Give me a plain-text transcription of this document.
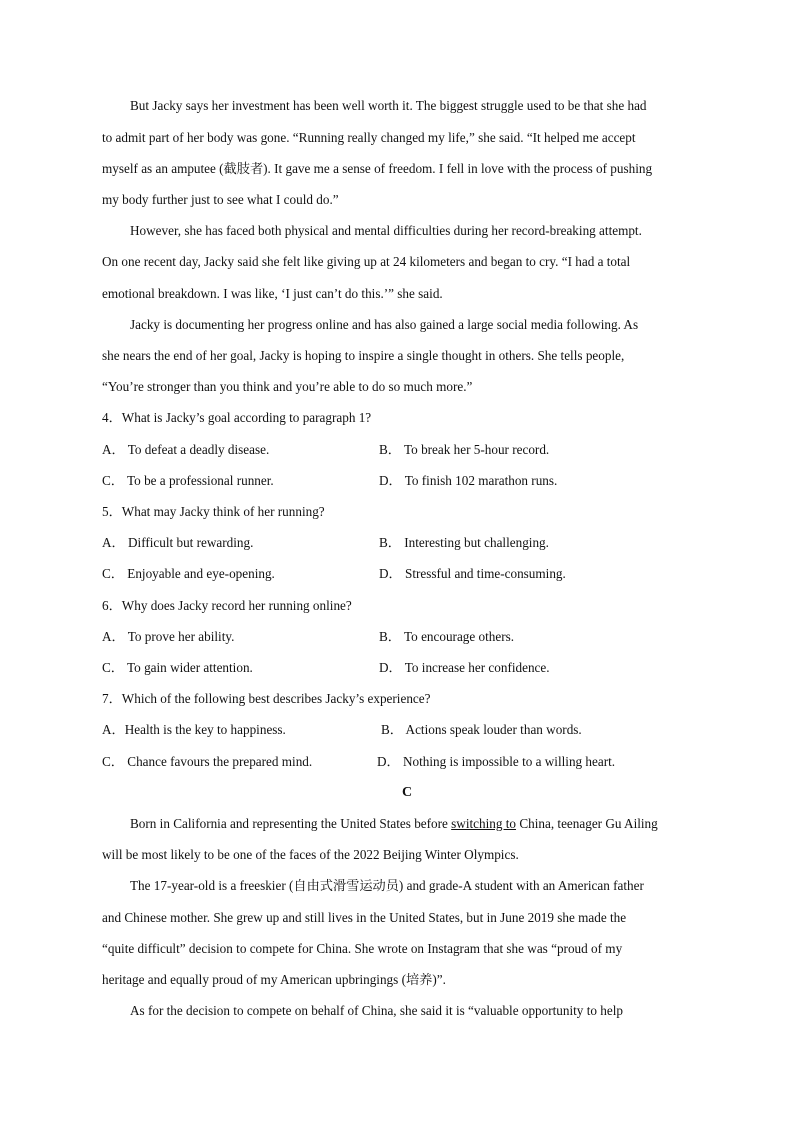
But Jacky says her investment has been well worth it. The biggest struggle used to be that she had
to admit part of her body was gone. “Running really changed my life,” she said. “It helped me accept
myself as an amputee (截肢者). It gave me a sense of freedom. I fell in love with the process of pushing
my body further just to see what I could do.”
However, she has faced both physical and mental difficulties during her record-breaking attempt.
On one recent day, Jacky said she felt like giving up at 24 kilometers and began to cry. “I had a total
emotional breakdown. I was like, ‘I just can’t do this.’” she said.
Jacky is documenting her progress online and has also gained a large social media following. As
she nears the end of her goal, Jacky is hoping to inspire a single thought in others. She tells people,
“You’re stronger than you think and you’re able to do so much more.”
4．What is Jacky’s goal according to paragraph 1?
A． To defeat a deadly disease.	B． To break her 5-hour record.
C． To be a professional runner.	D． To finish 102 marathon runs.
5．What may Jacky think of her running?
A． Difficult but rewarding.	B． Interesting but challenging.
C． Enjoyable and eye-opening.	D． Stressful and time-consuming.
6．Why does Jacky record her running online?
A． To prove her ability.	B． To encourage others.
C． To gain wider attention.	D． To increase her confidence.
7．Which of the following best describes Jacky’s experience?
A．Health is the key to happiness.	B． Actions speak louder than words.
C． Chance favours the prepared mind.	D． Nothing is impossible to a willing heart.
C
Born in California and representing the United States before switching to China, teenager Gu Ailing
will be most likely to be one of the faces of the 2022 Beijing Winter Olympics.
The 17-year-old is a freeskier (自由式滑雪运动员) and grade-A student with an American father
and Chinese mother. She grew up and still lives in the United States, but in June 2019 she made the
“quite difficult” decision to compete for China. She wrote on Instagram that she was “proud of my
heritage and equally proud of my American upbringings (培养)”.
As for the decision to compete on behalf of China, she said it is “valuable opportunity to help
